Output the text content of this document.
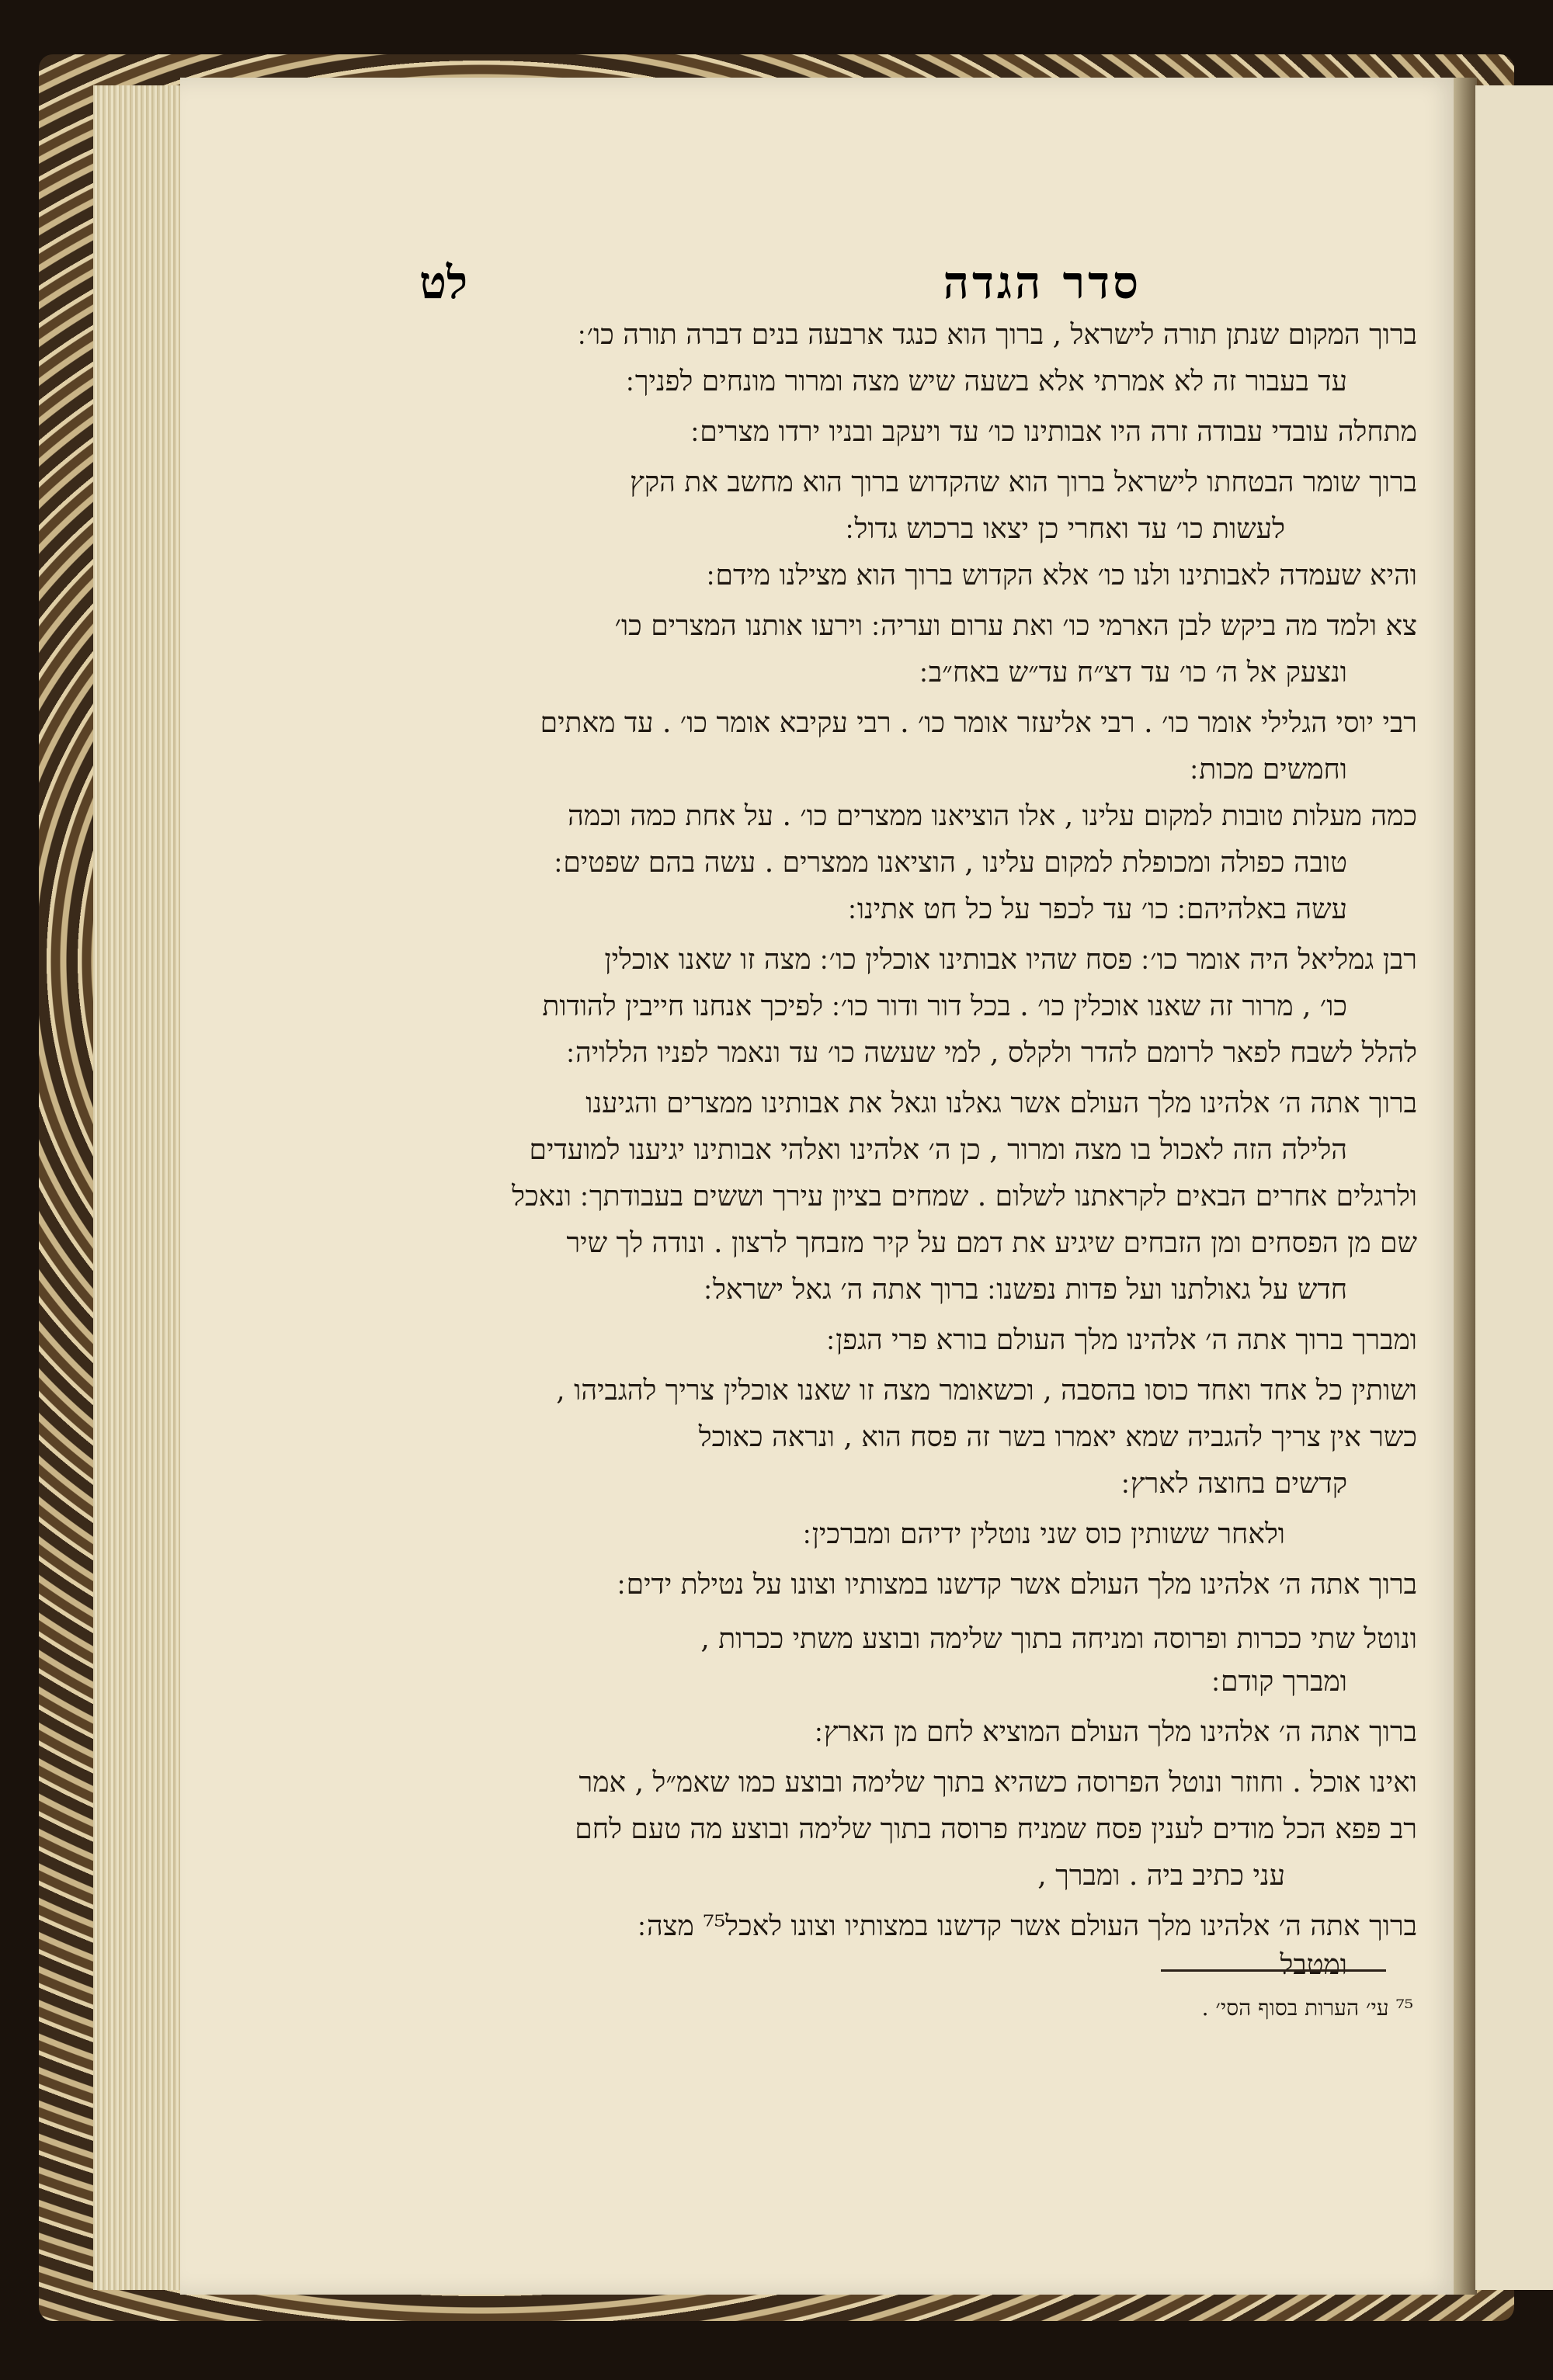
סדר הגדה
לט
ברוך המקום שנתן תורה לישראל , ברוך הוא כנגד ארבעה בנים דברה תורה כו׳ ׃
עד בעבור זה לא אמרתי אלא בשעה שיש מצה ומרור מונחים לפניך ׃
מתחלה עובדי עבודה זרה היו אבותינו כו׳ עד ויעקב ובניו ירדו מצרים ׃
ברוך שומר הבטחתו לישראל ברוך הוא שהקדוש ברוך הוא מחשב את הקץ
לעשות כו׳ עד ואחרי כן יצאו ברכוש גדול ׃
והיא שעמדה לאבותינו ולנו כו׳ אלא הקדוש ברוך הוא מצילנו מידם ׃
צא ולמד מה ביקש לבן הארמי כו׳ ואת ערום ועריה ׃ וירעו אותנו המצרים כו׳
ונצעק אל ה׳ כו׳ עד דצ״ח עד״ש באח״ב ׃
רבי יוסי הגלילי אומר כו׳ . רבי אליעזר אומר כו׳ . רבי עקיבא אומר כו׳ . עד מאתים
וחמשים מכות ׃
כמה מעלות טובות למקום עלינו , אלו הוציאנו ממצרים כו׳ . על אחת כמה וכמה
טובה כפולה ומכופלת למקום עלינו , הוציאנו ממצרים . עשה בהם שפטים ׃
עשה באלהיהם ׃ כו׳ עד לכפר על כל חט אתינו ׃
רבן גמליאל היה אומר כו׳ ׃ פסח שהיו אבותינו אוכלין כו׳ ׃ מצה זו שאנו אוכלין
כו׳ , מרור זה שאנו אוכלין כו׳ . בכל דור ודור כו׳ ׃ לפיכך אנחנו חייבין להודות
להלל לשבח לפאר לרומם להדר ולקלס , למי שעשה כו׳ עד ונאמר לפניו הללויה ׃
ברוך אתה ה׳ אלהינו מלך העולם אשר גאלנו וגאל את אבותינו ממצרים והגיענו
הלילה הזה לאכול בו מצה ומרור , כן ה׳ אלהינו ואלהי אבותינו יגיענו למועדים
ולרגלים אחרים הבאים לקראתנו לשלום . שמחים בציון עירך וששים בעבודתך ׃ ונאכל
שם מן הפסחים ומן הזבחים שיגיע את דמם על קיר מזבחך לרצון . ונודה לך שיר
חדש על גאולתנו ועל פדות נפשנו ׃ ברוך אתה ה׳ גאל ישראל ׃
ומברך ברוך אתה ה׳ אלהינו מלך העולם בורא פרי הגפן ׃
ושותין כל אחד ואחד כוסו בהסבה , וכשאומר מצה זו שאנו אוכלין צריך להגביהו ,
כשר אין צריך להגביה שמא יאמרו בשר זה פסח הוא , ונראה כאוכל
קדשים בחוצה לארץ ׃
ולאחר ששותין כוס שני נוטלין ידיהם ומברכין ׃
ברוך אתה ה׳ אלהינו מלך העולם אשר קדשנו במצותיו וצונו על נטילת ידים ׃
ונוטל שתי ככרות ופרוסה ומניחה בתוך שלימה ובוצע משתי ככרות ,
ומברך קודם ׃
ברוך אתה ה׳ אלהינו מלך העולם המוציא לחם מן הארץ ׃
ואינו אוכל . וחוזר ונוטל הפרוסה כשהיא בתוך שלימה ובוצע כמו שאמ״ל , אמר
רב פפא הכל מודים לענין פסח שמניח פרוסה בתוך שלימה ובוצע מה טעם לחם
עני כתיב ביה . ומברך ,
ברוך אתה ה׳ אלהינו מלך העולם אשר קדשנו במצותיו וצונו לאכל⁷⁵ מצה ׃
ומטבל
⁷⁵ עי׳ הערות בסוף הסי׳ .
